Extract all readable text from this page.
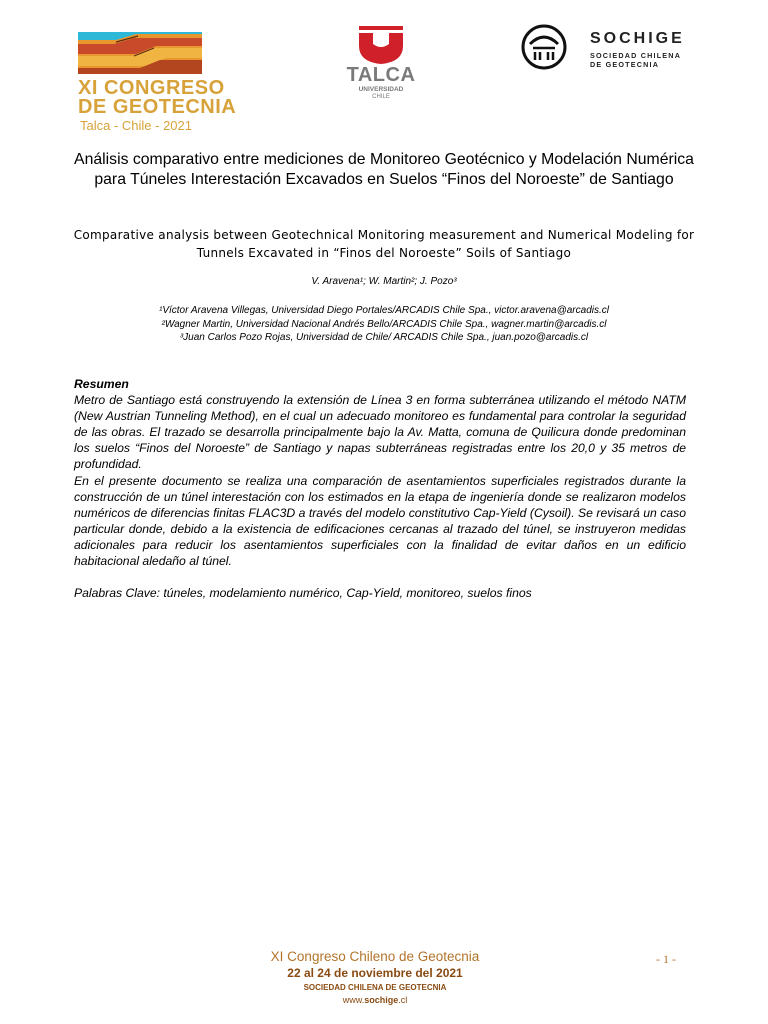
XI CONGRESO
DE GEOTECNIA
Talca - Chile - 2021
TALCA
UNIVERSIDAD
CHILE
SOCHIGE
SOCIEDAD CHILENA
DE GEOTECNIA
Análisis comparativo entre mediciones de Monitoreo Geotécnico y Modelación Numérica para Túneles Interestación Excavados en Suelos “Finos del Noroeste” de Santiago
Comparative analysis between Geotechnical Monitoring measurement and Numerical Modeling for Tunnels Excavated in “Finos del Noroeste” Soils of Santiago
V. Aravena¹; W. Martin²; J. Pozo³
¹Víctor Aravena Villegas, Universidad Diego Portales/ARCADIS Chile Spa., victor.aravena@arcadis.cl
²Wagner Martin, Universidad Nacional Andrés Bello/ARCADIS Chile Spa., wagner.martin@arcadis.cl
³Juan Carlos Pozo Rojas, Universidad de Chile/ ARCADIS Chile Spa., juan.pozo@arcadis.cl

Resumen

Metro de Santiago está construyendo la extensión de Línea 3 en forma subterránea utilizando el método NATM (New Austrian Tunneling Method), en el cual un adecuado monitoreo es fundamental para controlar la seguridad de las obras. El trazado se desarrolla principalmente bajo la Av. Matta, comuna de Quilicura donde predominan los suelos “Finos del Noroeste” de Santiago y napas subterráneas registradas entre los 20,0 y 35 metros de profundidad.

En el presente documento se realiza una comparación de asentamientos superficiales registrados durante la construcción de un túnel interestación con los estimados en la etapa de ingeniería donde se realizaron modelos numéricos de diferencias finitas FLAC3D a través del modelo constitutivo Cap-Yield (Cysoil). Se revisará un caso particular donde, debido a la existencia de edificaciones cercanas al trazado del túnel, se instruyeron medidas adicionales para reducir los asentamientos superficiales con la finalidad de evitar daños en un edificio habitacional aledaño al túnel.

Palabras Clave: túneles, modelamiento numérico, Cap-Yield, monitoreo, suelos finos

XI Congreso Chileno de Geotecnia
22 al 24 de noviembre del 2021
SOCIEDAD CHILENA DE GEOTECNIA
www.sochige.cl
- 1 -
